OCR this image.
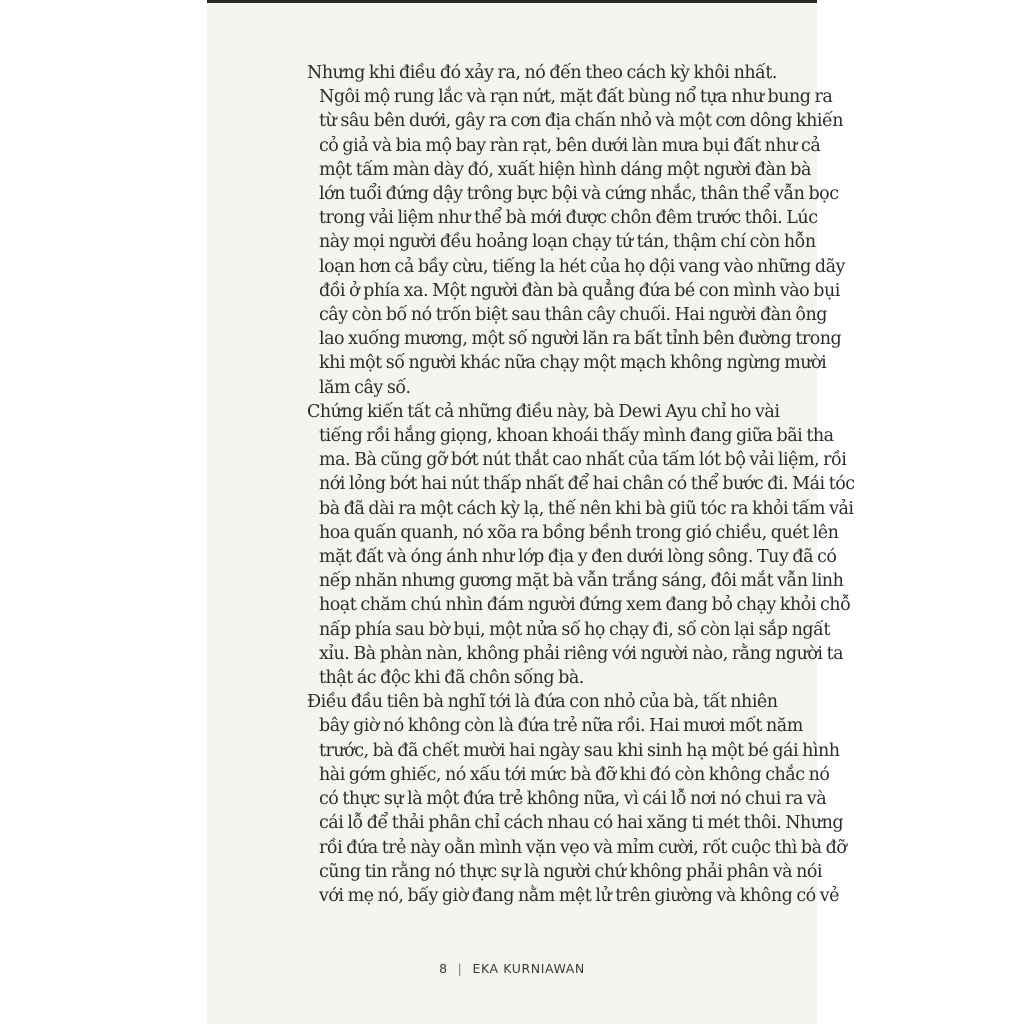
Nhưng khi điều đó xảy ra, nó đến theo cách kỳ khôi nhất.
Ngôi mộ rung lắc và rạn nứt, mặt đất bùng nổ tựa như bung ra
từ sâu bên dưới, gây ra cơn địa chấn nhỏ và một cơn dông khiến
cỏ giả và bia mộ bay ràn rạt, bên dưới làn mưa bụi đất như cả
một tấm màn dày đó, xuất hiện hình dáng một người đàn bà
lớn tuổi đứng dậy trông bực bội và cứng nhắc, thân thể vẫn bọc
trong vải liệm như thể bà mới được chôn đêm trước thôi. Lúc
này mọi người đều hoảng loạn chạy tứ tán, thậm chí còn hỗn
loạn hơn cả bầy cừu, tiếng la hét của họ dội vang vào những dãy
đồi ở phía xa. Một người đàn bà quẳng đứa bé con mình vào bụi
cây còn bố nó trốn biệt sau thân cây chuối. Hai người đàn ông
lao xuống mương, một số người lăn ra bất tỉnh bên đường trong
khi một số người khác nữa chạy một mạch không ngừng mười
lăm cây số.
Chứng kiến tất cả những điều này, bà Dewi Ayu chỉ ho vài
tiếng rồi hắng giọng, khoan khoái thấy mình đang giữa bãi tha
ma. Bà cũng gỡ bớt nút thắt cao nhất của tấm lót bộ vải liệm, rồi
nới lỏng bớt hai nút thấp nhất để hai chân có thể bước đi. Mái tóc
bà đã dài ra một cách kỳ lạ, thế nên khi bà giũ tóc ra khỏi tấm vải
hoa quấn quanh, nó xõa ra bồng bềnh trong gió chiều, quét lên
mặt đất và óng ánh như lớp địa y đen dưới lòng sông. Tuy đã có
nếp nhăn nhưng gương mặt bà vẫn trắng sáng, đôi mắt vẫn linh
hoạt chăm chú nhìn đám người đứng xem đang bỏ chạy khỏi chỗ
nấp phía sau bờ bụi, một nửa số họ chạy đi, số còn lại sắp ngất
xỉu. Bà phàn nàn, không phải riêng với người nào, rằng người ta
thật ác độc khi đã chôn sống bà.
Điều đầu tiên bà nghĩ tới là đứa con nhỏ của bà, tất nhiên
bây giờ nó không còn là đứa trẻ nữa rồi. Hai mươi mốt năm
trước, bà đã chết mười hai ngày sau khi sinh hạ một bé gái hình
hài gớm ghiếc, nó xấu tới mức bà đỡ khi đó còn không chắc nó
có thực sự là một đứa trẻ không nữa, vì cái lỗ nơi nó chui ra và
cái lỗ để thải phân chỉ cách nhau có hai xăng ti mét thôi. Nhưng
rồi đứa trẻ này oằn mình vặn vẹo và mỉm cười, rốt cuộc thì bà đỡ
cũng tin rằng nó thực sự là người chứ không phải phân và nói
với mẹ nó, bấy giờ đang nằm mệt lử trên giường và không có vẻ
8 | EKA KURNIAWAN
